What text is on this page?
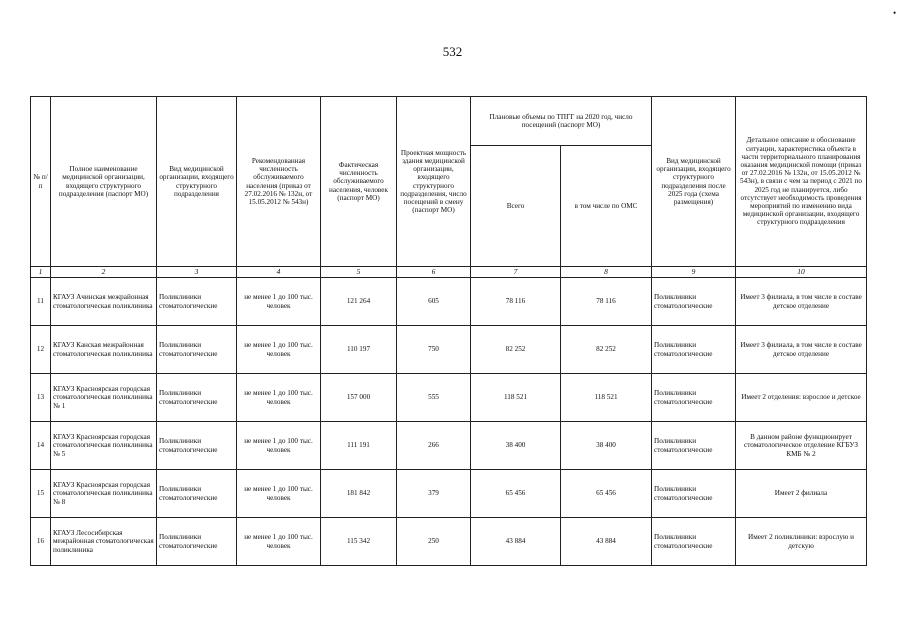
•
532
№ п/п	Полное наименование медицинской организации, входящего структурного подразделения (паспорт МО)	Вид медицинской организации, входящего структурного подразделения	Рекомендованная численность обслуживаемого населения (приказ от 27.02.2016 № 132н, от 15.05.2012 № 543н)	Фактическая численность обслуживаемого населения, человек (паспорт МО)	Проектная мощность здания медицинской организации, входящего структурного подразделения, число посещений в смену (паспорт МО)	Плановые объемы по ТПГГ на 2020 год, число посещений (паспорт МО)		Вид медицинской организации, входящего структурного подразделения после 2025 года (схема размещения)	Детальное описание и обоснование ситуации, характеристика объекта в части территориального планирования оказания медицинской помощи (приказ от 27.02.2016 № 132н, от 15.05.2012 № 543н), в связи с чем за период с 2021 по 2025 год не планируется, либо отсутствует необходимость проведения мероприятий по изменению вида медицинской организации, входящего структурного подразделения
						Всего	в том числе по ОМС		
1	2	3	4	5	6	7	8	9	10
11	КГАУЗ Ачинская межрайонная стоматологическая поликлиника	Поликлиники стоматологические	не менее 1 до 100 тыс. человек	121 264	605	78 116	78 116	Поликлиники стоматологические	Имеет 3 филиала, в том числе в составе детское отделение
12	КГАУЗ Канская межрайонная стоматологическая поликлиника	Поликлиники стоматологические	не менее 1 до 100 тыс. человек	110 197	750	82 252	82 252	Поликлиники стоматологические	Имеет 3 филиала, в том числе в составе детское отделение
13	КГАУЗ Красноярская городская стоматологическая поликлиника № 1	Поликлиники стоматологические	не менее 1 до 100 тыс. человек	157 000	555	118 521	118 521	Поликлиники стоматологические	Имеет 2 отделения: взрослое и детское
14	КГАУЗ Красноярская городская стоматологическая поликлиника № 5	Поликлиники стоматологические	не менее 1 до 100 тыс. человек	111 191	266	38 400	38 400	Поликлиники стоматологические	В данном районе функционирует стоматологическое отделение КГБУЗ КМБ № 2
15	КГАУЗ Красноярская городская стоматологическая поликлиника № 8	Поликлиники стоматологические	не менее 1 до 100 тыс. человек	181 842	379	65 456	65 456	Поликлиники стоматологические	Имеет 2 филиала
16	КГАУЗ Лесосибирская межрайонная стоматологическая поликлиника	Поликлиники стоматологические	не менее 1 до 100 тыс. человек	115 342	250	43 884	43 884	Поликлиники стоматологические	Имеет 2 поликлиники: взрослую и детскую
